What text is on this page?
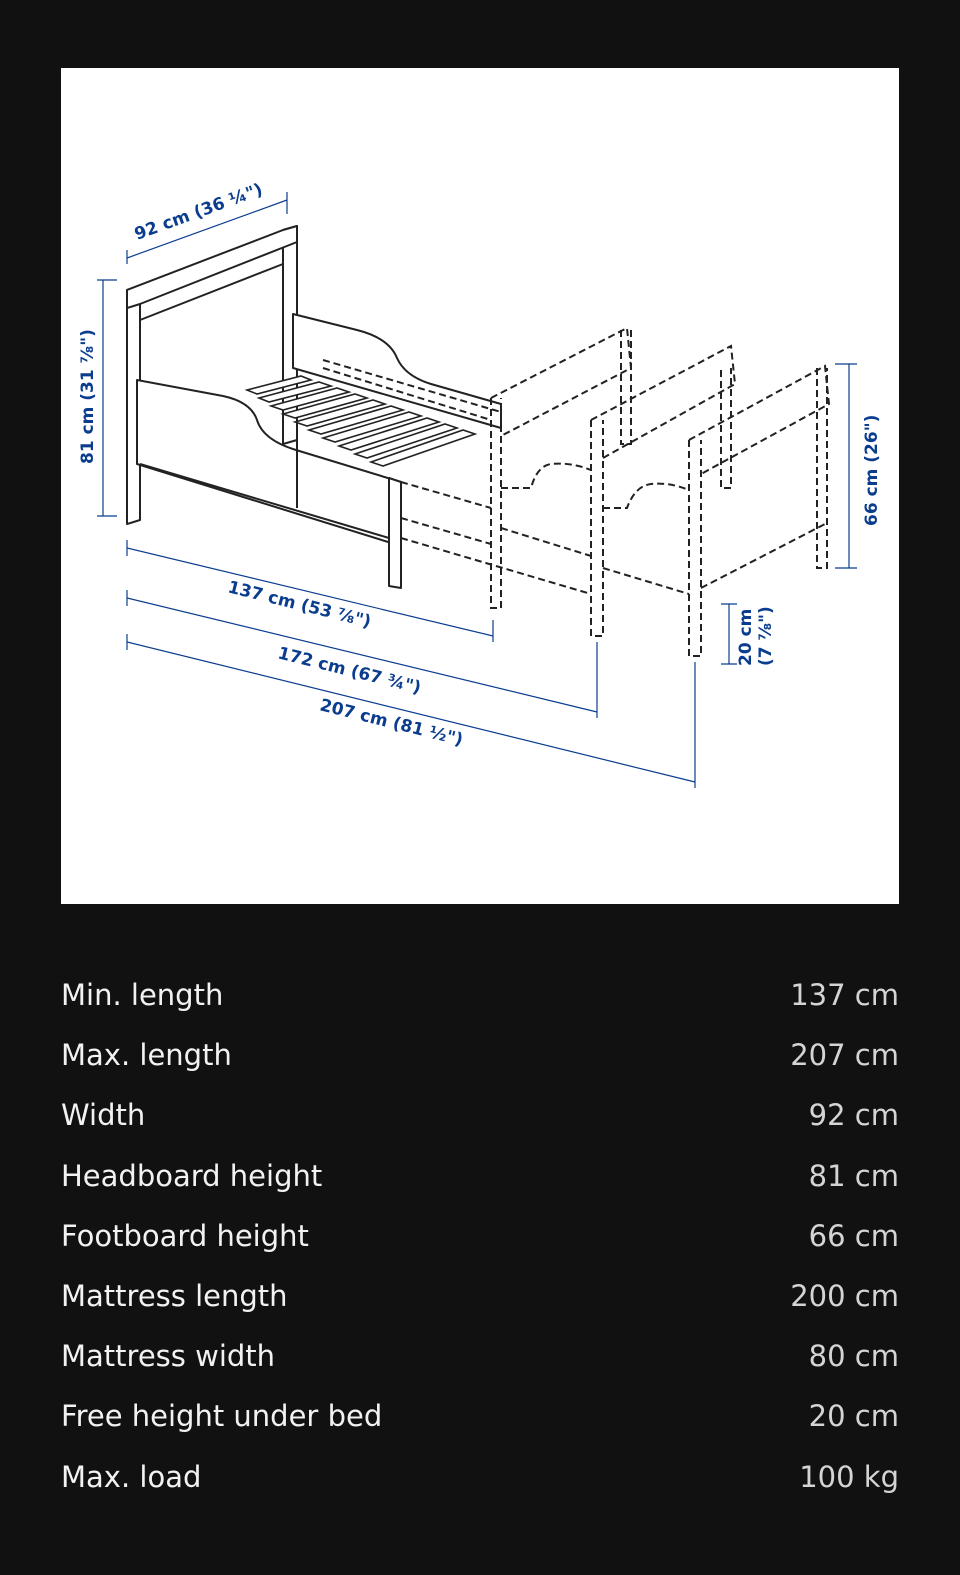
92 cm (36 ¼")
81 cm (31 ⅞")
66 cm (26")
137 cm (53 ⅞")
172 cm (67 ¾")
207 cm (81 ½")
20 cm (7 ⅞")
Min. length	137 cm
Max. length	207 cm
Width	92 cm
Headboard height	81 cm
Footboard height	66 cm
Mattress length	200 cm
Mattress width	80 cm
Free height under bed	20 cm
Max. load	100 kg
